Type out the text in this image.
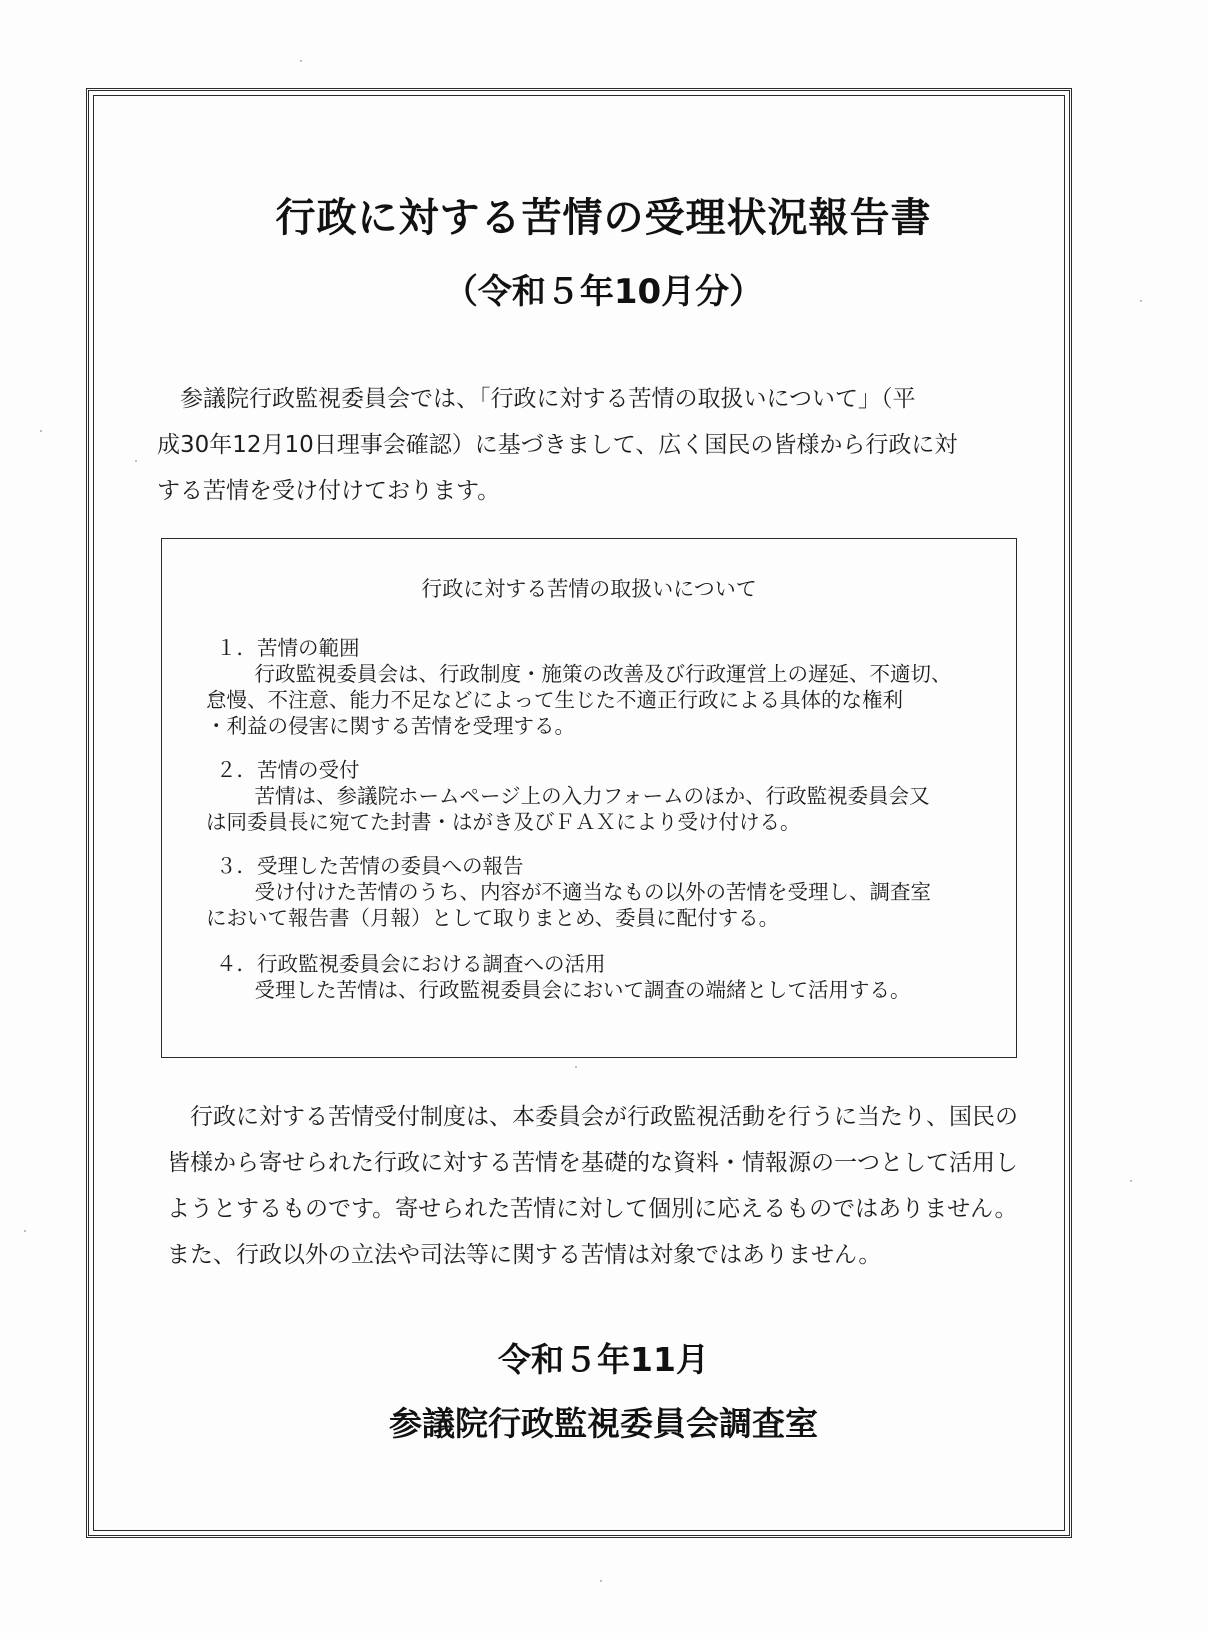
行政に対する苦情の受理状況報告書
（令和５年10月分）
　参議院行政監視委員会では、「行政に対する苦情の取扱いについて」（平
成30年12月10日理事会確認）に基づきまして、広く国民の皆様から行政に対
する苦情を受け付けております。
行政に対する苦情の取扱いについて
１．苦情の範囲
　行政監視委員会は、行政制度・施策の改善及び行政運営上の遅延、不適切、
怠慢、不注意、能力不足などによって生じた不適正行政による具体的な権利
・利益の侵害に関する苦情を受理する。
２．苦情の受付
　苦情は、参議院ホームページ上の入力フォームのほか、行政監視委員会又
は同委員長に宛てた封書・はがき及びＦＡＸにより受け付ける。
３．受理した苦情の委員への報告
　受け付けた苦情のうち、内容が不適当なもの以外の苦情を受理し、調査室
において報告書（月報）として取りまとめ、委員に配付する。
４．行政監視委員会における調査への活用
　受理した苦情は、行政監視委員会において調査の端緒として活用する。
　行政に対する苦情受付制度は、本委員会が行政監視活動を行うに当たり、国民の
皆様から寄せられた行政に対する苦情を基礎的な資料・情報源の一つとして活用し
ようとするものです。寄せられた苦情に対して個別に応えるものではありません。
また、行政以外の立法や司法等に関する苦情は対象ではありません。
令和５年11月
参議院行政監視委員会調査室
